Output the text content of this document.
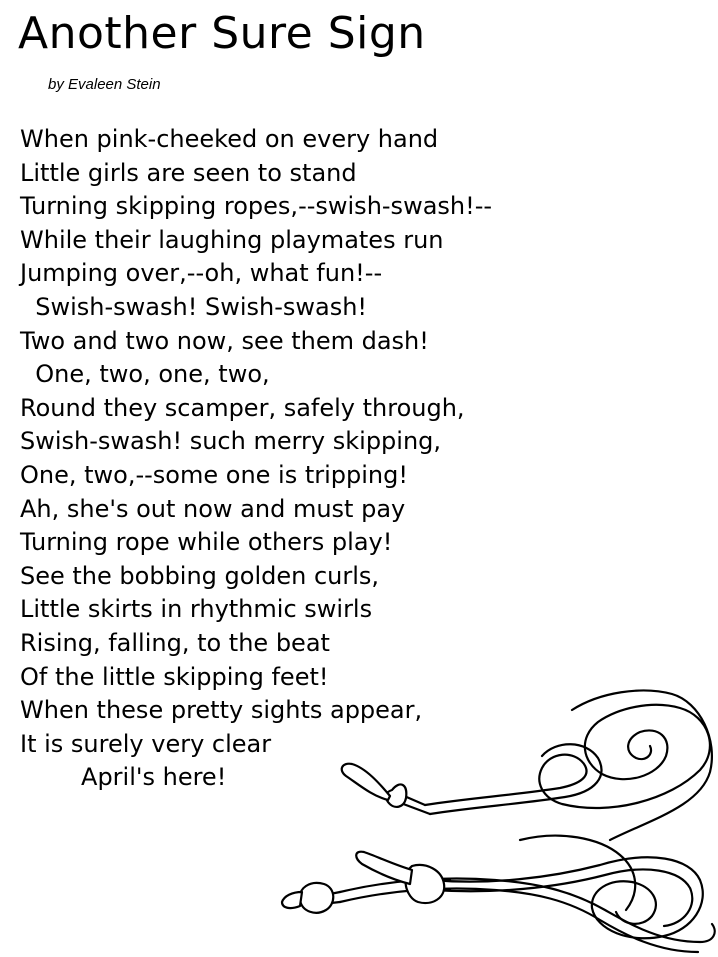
Another Sure Sign
by Evaleen Stein
When pink-cheeked on every hand
Little girls are seen to stand
Turning skipping ropes,--swish-swash!--
While their laughing playmates run
Jumping over,--oh, what fun!--
Swish-swash! Swish-swash!
Two and two now, see them dash!
One, two, one, two,
Round they scamper, safely through,
Swish-swash! such merry skipping,
One, two,--some one is tripping!
Ah, she's out now and must pay
Turning rope while others play!
See the bobbing golden curls,
Little skirts in rhythmic swirls
Rising, falling, to the beat
Of the little skipping feet!
When these pretty sights appear,
It is surely very clear
April's here!
